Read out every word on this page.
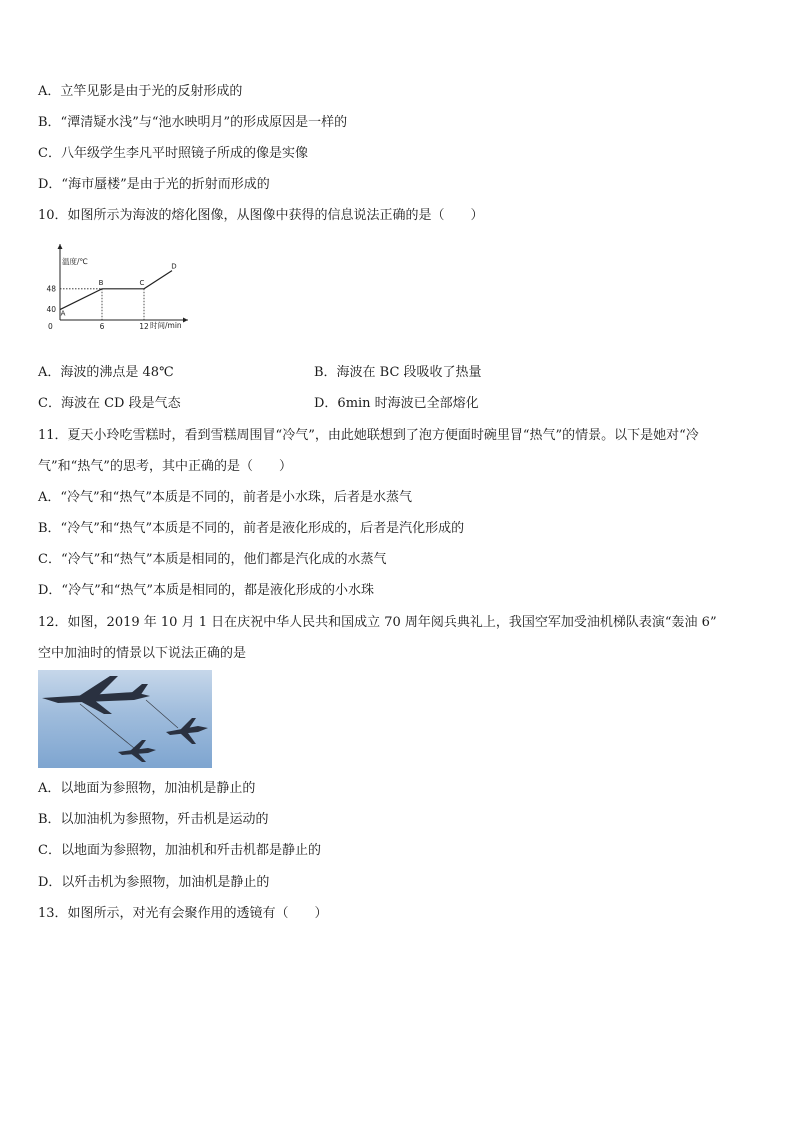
A．立竿见影是由于光的反射形成的
B．“潭清疑水浅”与“池水映明月”的形成原因是一样的
C．八年级学生李凡平时照镜子所成的像是实像
D．“海市蜃楼”是由于光的折射而形成的
10．如图所示为海波的熔化图像，从图像中获得的信息说法正确的是（　　）
温度/℃
时间/min
0	6	12
40
48
A
B	C
D
A．海波的沸点是 48℃	B．海波在 BC 段吸收了热量
C．海波在 CD 段是气态	D．6min 时海波已全部熔化
11．夏天小玲吃雪糕时，看到雪糕周围冒“冷气”，由此她联想到了泡方便面时碗里冒“热气”的情景。以下是她对“冷
气”和“热气”的思考，其中正确的是（　　）
A．“冷气”和“热气”本质是不同的，前者是小水珠，后者是水蒸气
B．“冷气”和“热气”本质是不同的，前者是液化形成的，后者是汽化形成的
C．“冷气”和“热气”本质是相同的，他们都是汽化成的水蒸气
D．“冷气”和“热气”本质是相同的，都是液化形成的小水珠
12．如图，2019 年 10 月 1 日在庆祝中华人民共和国成立 70 周年阅兵典礼上，我国空军加受油机梯队表演“轰油 6”
空中加油时的情景以下说法正确的是
A．以地面为参照物，加油机是静止的
B．以加油机为参照物，歼击机是运动的
C．以地面为参照物，加油机和歼击机都是静止的
D．以歼击机为参照物，加油机是静止的
13．如图所示，对光有会聚作用的透镜有（　　）
